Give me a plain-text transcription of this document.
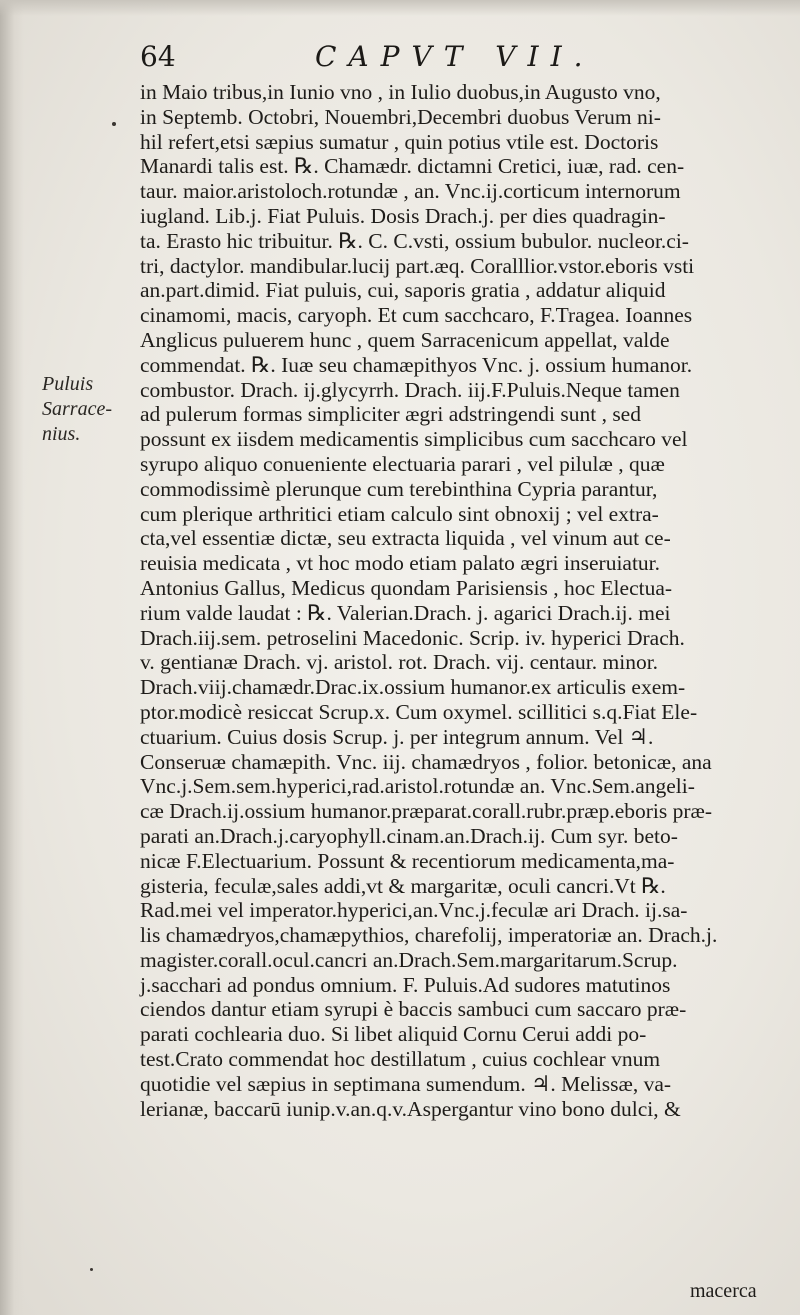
64	CAPVT VII.
Puluis
Sarrace-
nius.
in Maio tribus,in Iunio vno , in Iulio duobus,in Augusto vno,
in Septemb. Octobri, Nouembri,Decembri duobus Verum ni-
hil refert,etsi sæpius sumatur , quin potius vtile est. Doctoris
Manardi talis est. ℞. Chamædr. dictamni Cretici, iuæ, rad. cen-
taur. maior.aristoloch.rotundæ , an. Vnc.ij.corticum internorum
iugland. Lib.j. Fiat Puluis. Dosis Drach.j. per dies quadragin-
ta. Erasto hic tribuitur. ℞. C. C.vsti, ossium bubulor. nucleor.ci-
tri, dactylor. mandibular.lucij part.æq. Coralllior.vstor.eboris vsti
an.part.dimid. Fiat puluis, cui, saporis gratia , addatur aliquid
cinamomi, macis, caryoph. Et cum sacchcaro, F.Tragea. Ioannes
Anglicus puluerem hunc , quem Sarracenicum appellat, valde
commendat. ℞. Iuæ seu chamæpithyos Vnc. j. ossium humanor.
combustor. Drach. ij.glycyrrh. Drach. iij.F.Puluis.Neque tamen
ad pulerum formas simpliciter ægri adstringendi sunt , sed
possunt ex iisdem medicamentis simplicibus cum sacchcaro vel
syrupo aliquo conueniente electuaria parari , vel pilulæ , quæ
commodissimè plerunque cum terebinthina Cypria parantur,
cum plerique arthritici etiam calculo sint obnoxij ; vel extra-
cta,vel essentiæ dictæ, seu extracta liquida , vel vinum aut ce-
reuisia medicata , vt hoc modo etiam palato ægri inseruiatur.
Antonius Gallus, Medicus quondam Parisiensis , hoc Electua-
rium valde laudat : ℞. Valerian.Drach. j. agarici Drach.ij. mei
Drach.iij.sem. petroselini Macedonic. Scrip. iv. hyperici Drach.
v. gentianæ Drach. vj. aristol. rot. Drach. vij. centaur. minor.
Drach.viij.chamædr.Drac.ix.ossium humanor.ex articulis exem-
ptor.modicè resiccat Scrup.x. Cum oxymel. scillitici s.q.Fiat Ele-
ctuarium. Cuius dosis Scrup. j. per integrum annum. Vel ♃.
Conseruæ chamæpith. Vnc. iij. chamædryos , folior. betonicæ, ana
Vnc.j.Sem.sem.hyperici,rad.aristol.rotundæ an. Vnc.Sem.angeli-
cæ Drach.ij.ossium humanor.præparat.corall.rubr.præp.eboris præ-
parati an.Drach.j.caryophyll.cinam.an.Drach.ij. Cum syr. beto-
nicæ F.Electuarium. Possunt & recentiorum medicamenta,ma-
gisteria, feculæ,sales addi,vt & margaritæ, oculi cancri.Vt ℞.
Rad.mei vel imperator.hyperici,an.Vnc.j.feculæ ari Drach. ij.sa-
lis chamædryos,chamæpythios, charefolij, imperatoriæ an. Drach.j.
magister.corall.ocul.cancri an.Drach.Sem.margaritarum.Scrup.
j.sacchari ad pondus omnium. F. Puluis.Ad sudores matutinos
ciendos dantur etiam syrupi è baccis sambuci cum saccaro præ-
parati cochlearia duo. Si libet aliquid Cornu Cerui addi po-
test.Crato commendat hoc destillatum , cuius cochlear vnum
quotidie vel sæpius in septimana sumendum. ♃. Melissæ, va-
lerianæ, baccarū iunip.v.an.q.v.Aspergantur vino bono dulci, &
macerca
